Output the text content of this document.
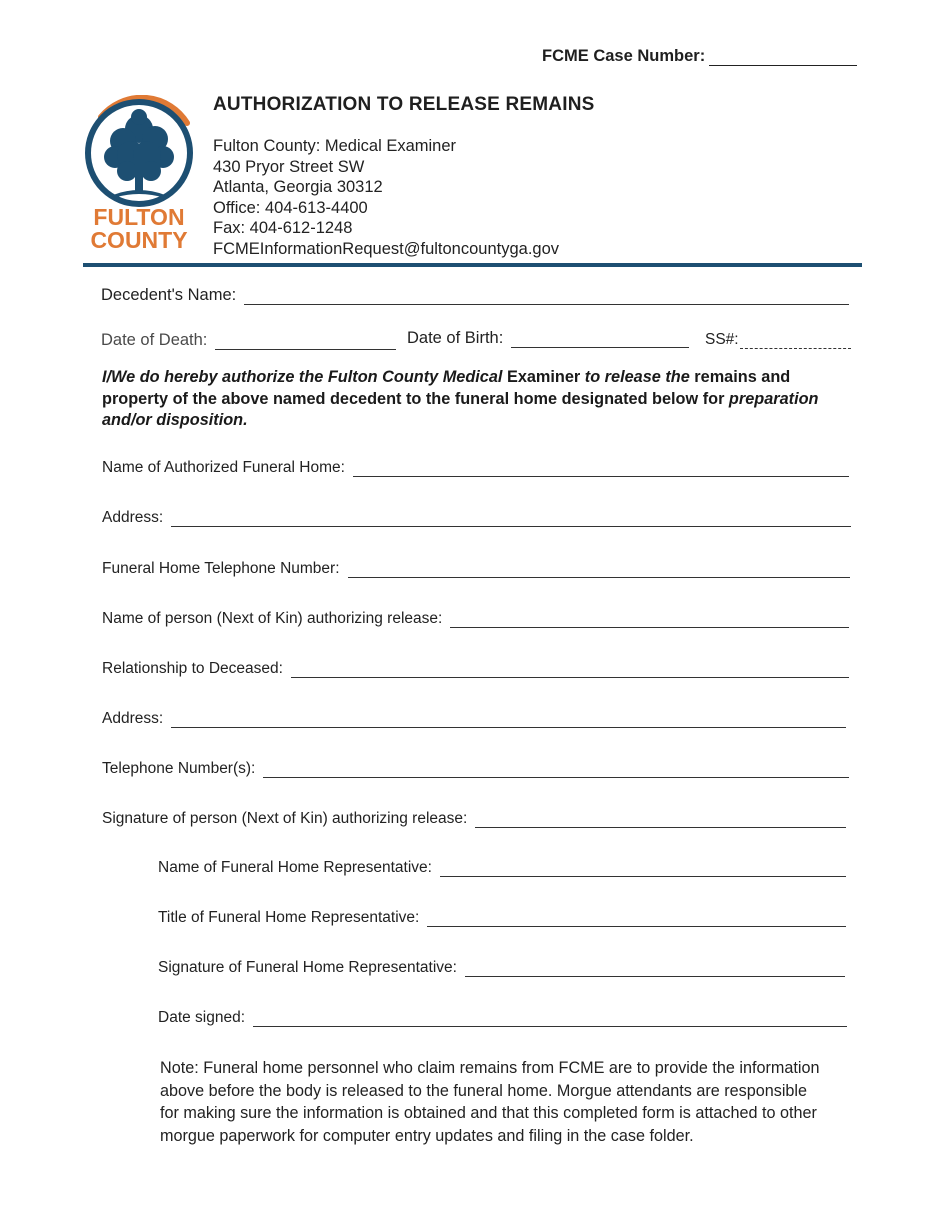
FCME Case Number:
FULTON
COUNTY
AUTHORIZATION TO RELEASE REMAINS
Fulton County: Medical Examiner
430 Pryor Street SW
Atlanta, Georgia 30312
Office: 404-613-4400
Fax: 404-612-1248
FCMEInformationRequest@fultoncountyga.gov
Decedent's Name:
Date of Death:	Date of Birth:	SS#:
I/We do hereby authorize the Fulton County Medical Examiner to release the remains and property of the above named decedent to the funeral home designated below for preparation and/or disposition.
Name of Authorized Funeral Home:
Address:
Funeral Home Telephone Number:
Name of person (Next of Kin) authorizing release:
Relationship to Deceased:
Address:
Telephone Number(s):
Signature of person (Next of Kin) authorizing release:
Name of Funeral Home Representative:
Title of Funeral Home Representative:
Signature of Funeral Home Representative:
Date signed:
Note: Funeral home personnel who claim remains from FCME are to provide the information above before the body is released to the funeral home. Morgue attendants are responsible for making sure the information is obtained and that this completed form is attached to other morgue paperwork for computer entry updates and filing in the case folder.
